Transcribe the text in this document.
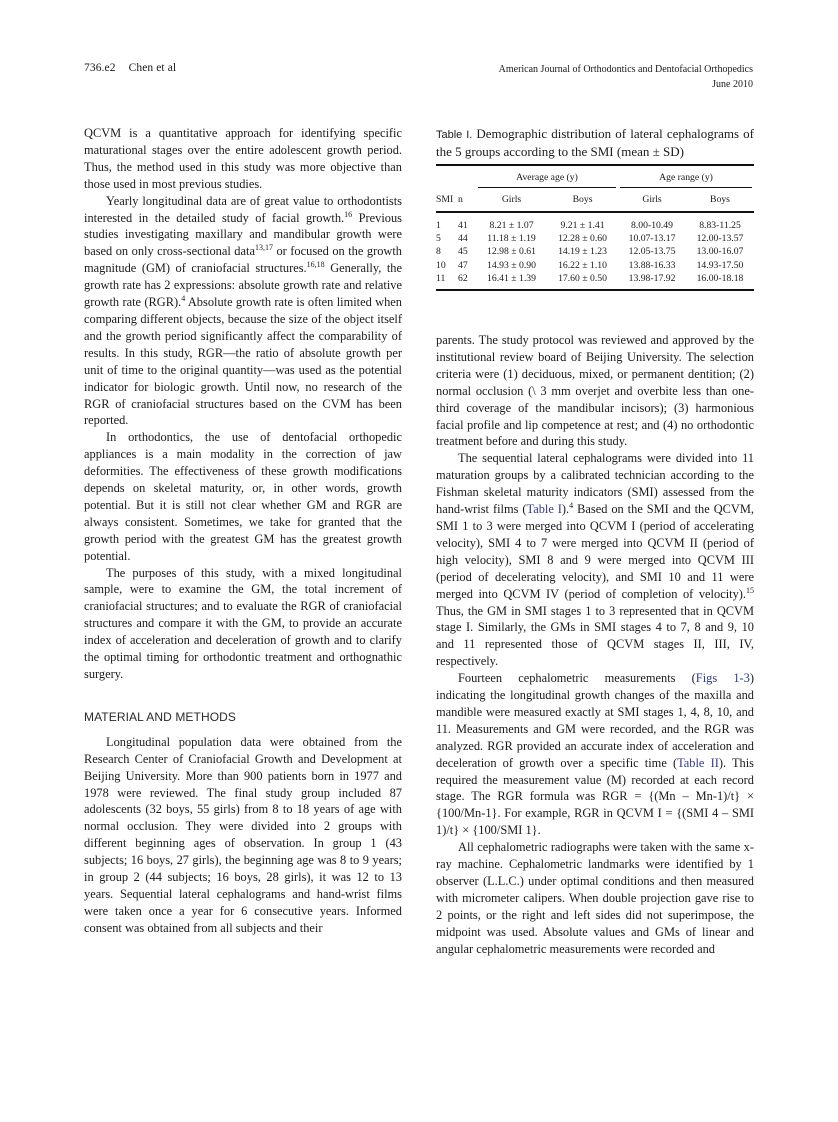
736.e2 Chen et al	American Journal of Orthodontics and Dentofacial Orthopedics
June 2010

QCVM is a quantitative approach for identifying specific maturational stages over the entire adolescent growth period. Thus, the method used in this study was more objective than those used in most previous studies.

Yearly longitudinal data are of great value to orthodontists interested in the detailed study of facial growth.$^{16}$ Previous studies investigating maxillary and mandibular growth were based on only cross-sectional data$^{13,17}$ or focused on the growth magnitude (GM) of craniofacial structures.$^{16,18}$ Generally, the growth rate has 2 expressions: absolute growth rate and relative growth rate (RGR).$^4$ Absolute growth rate is often limited when comparing different objects, because the size of the object itself and the growth period significantly affect the comparability of results. In this study, RGR—the ratio of absolute growth per unit of time to the original quantity—was used as the potential indicator for biologic growth. Until now, no research of the RGR of craniofacial structures based on the CVM has been reported.

In orthodontics, the use of dentofacial orthopedic appliances is a main modality in the correction of jaw deformities. The effectiveness of these growth modifications depends on skeletal maturity, or, in other words, growth potential. But it is still not clear whether GM and RGR are always consistent. Sometimes, we take for granted that the growth period with the greatest GM has the greatest growth potential.

The purposes of this study, with a mixed longitudinal sample, were to examine the GM, the total increment of craniofacial structures; and to evaluate the RGR of craniofacial structures and compare it with the GM, to provide an accurate index of acceleration and deceleration of growth and to clarify the optimal timing for orthodontic treatment and orthognathic surgery.

MATERIAL AND METHODS

Longitudinal population data were obtained from the Research Center of Craniofacial Growth and Development at Beijing University. More than 900 patients born in 1977 and 1978 were reviewed. The final study group included 87 adolescents (32 boys, 55 girls) from 8 to 18 years of age with normal occlusion. They were divided into 2 groups with different beginning ages of observation. In group 1 (43 subjects; 16 boys, 27 girls), the beginning age was 8 to 9 years; in group 2 (44 subjects; 16 boys, 28 girls), it was 12 to 13 years. Sequential lateral cephalograms and hand-wrist films were taken once a year for 6 consecutive years. Informed consent was obtained from all subjects and their

Table I. Demographic distribution of lateral cephalograms of the 5 groups according to the SMI (mean ± SD)

		Average age (y)		Age range (y)	

SMI	n	Girls	Boys	Girls	Boys
1	41	8.21 ± 1.07	9.21 ± 1.41	8.00-10.49	8.83-11.25
5	44	11.18 ± 1.19	12.28 ± 0.60	10.07-13.17	12.00-13.57
8	45	12.98 ± 0.61	14.19 ± 1.23	12.05-13.75	13.00-16.07
10	47	14.93 ± 0.90	16.22 ± 1.10	13.88-16.33	14.93-17.50
11	62	16.41 ± 1.39	17.60 ± 0.50	13.98-17.92	16.00-18.18

parents. The study protocol was reviewed and approved by the institutional review board of Beijing University. The selection criteria were (1) deciduous, mixed, or permanent dentition; (2) normal occlusion (\ 3 mm overjet and overbite less than one-third coverage of the mandibular incisors); (3) harmonious facial profile and lip competence at rest; and (4) no orthodontic treatment before and during this study.

The sequential lateral cephalograms were divided into 11 maturation groups by a calibrated technician according to the Fishman skeletal maturity indicators (SMI) assessed from the hand-wrist films (Table I).$^4$ Based on the SMI and the QCVM, SMI 1 to 3 were merged into QCVM I (period of accelerating velocity), SMI 4 to 7 were merged into QCVM II (period of high velocity), SMI 8 and 9 were merged into QCVM III (period of decelerating velocity), and SMI 10 and 11 were merged into QCVM IV (period of completion of velocity).$^{15}$ Thus, the GM in SMI stages 1 to 3 represented that in QCVM stage I. Similarly, the GMs in SMI stages 4 to 7, 8 and 9, 10 and 11 represented those of QCVM stages II, III, IV, respectively.

Fourteen cephalometric measurements (Figs 1-3) indicating the longitudinal growth changes of the maxilla and mandible were measured exactly at SMI stages 1, 4, 8, 10, and 11. Measurements and GM were recorded, and the RGR was analyzed. RGR provided an accurate index of acceleration and deceleration of growth over a specific time (Table II). This required the measurement value (M) recorded at each record stage. The RGR formula was RGR = {(Mn – Mn-1)/t} × {100/Mn-1}. For example, RGR in QCVM I = {(SMI 4 – SMI 1)/t} × {100/SMI 1}.

All cephalometric radiographs were taken with the same x-ray machine. Cephalometric landmarks were identified by 1 observer (L.L.C.) under optimal conditions and then measured with micrometer calipers. When double projection gave rise to 2 points, or the right and left sides did not superimpose, the midpoint was used. Absolute values and GMs of linear and angular cephalometric measurements were recorded and
